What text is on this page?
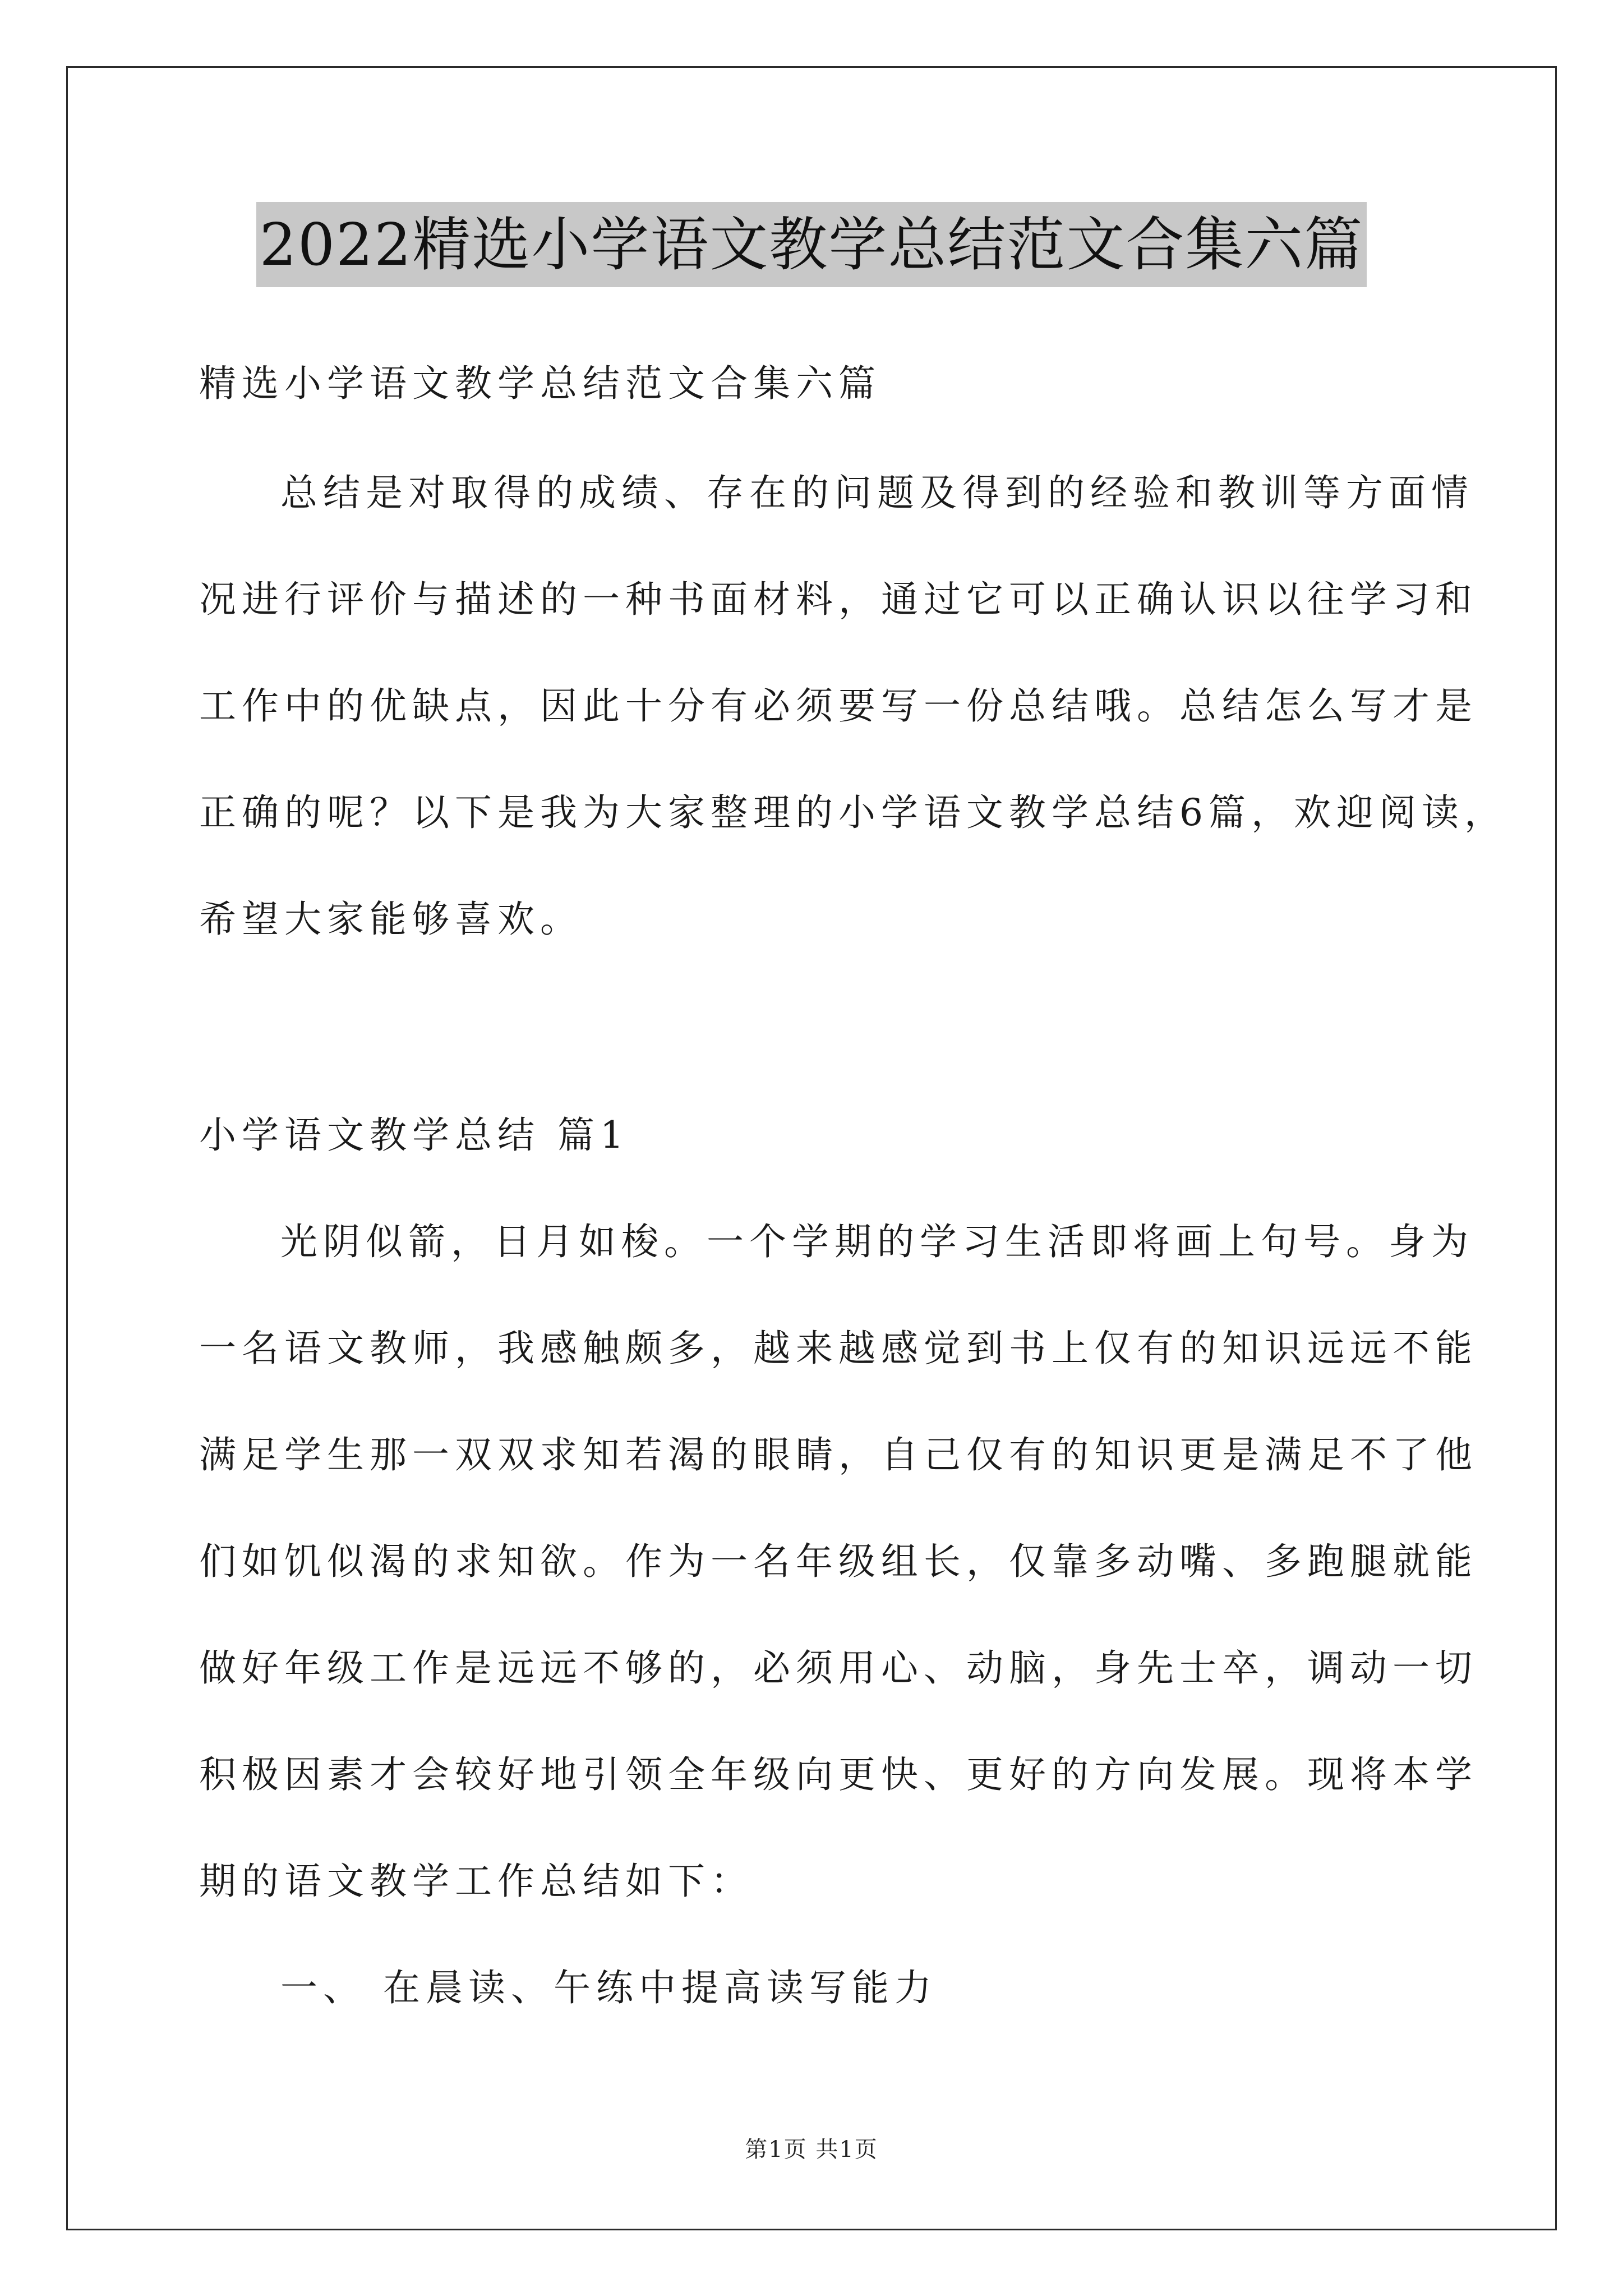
2022精选小学语文教学总结范文合集六篇
精选小学语文教学总结范文合集六篇
总结是对取得的成绩、存在的问题及得到的经验和教训等方面情
况进行评价与描述的一种书面材料，通过它可以正确认识以往学习和
工作中的优缺点，因此十分有必须要写一份总结哦。总结怎么写才是
正确的呢？以下是我为大家整理的小学语文教学总结6篇，欢迎阅读，
希望大家能够喜欢。
小学语文教学总结 篇1
光阴似箭，日月如梭。一个学期的学习生活即将画上句号。身为
一名语文教师，我感触颇多，越来越感觉到书上仅有的知识远远不能
满足学生那一双双求知若渴的眼睛，自己仅有的知识更是满足不了他
们如饥似渴的求知欲。作为一名年级组长，仅靠多动嘴、多跑腿就能
做好年级工作是远远不够的，必须用心、动脑，身先士卒，调动一切
积极因素才会较好地引领全年级向更快、更好的方向发展。现将本学
期的语文教学工作总结如下：
一、 在晨读、午练中提高读写能力
第1页 共1页
